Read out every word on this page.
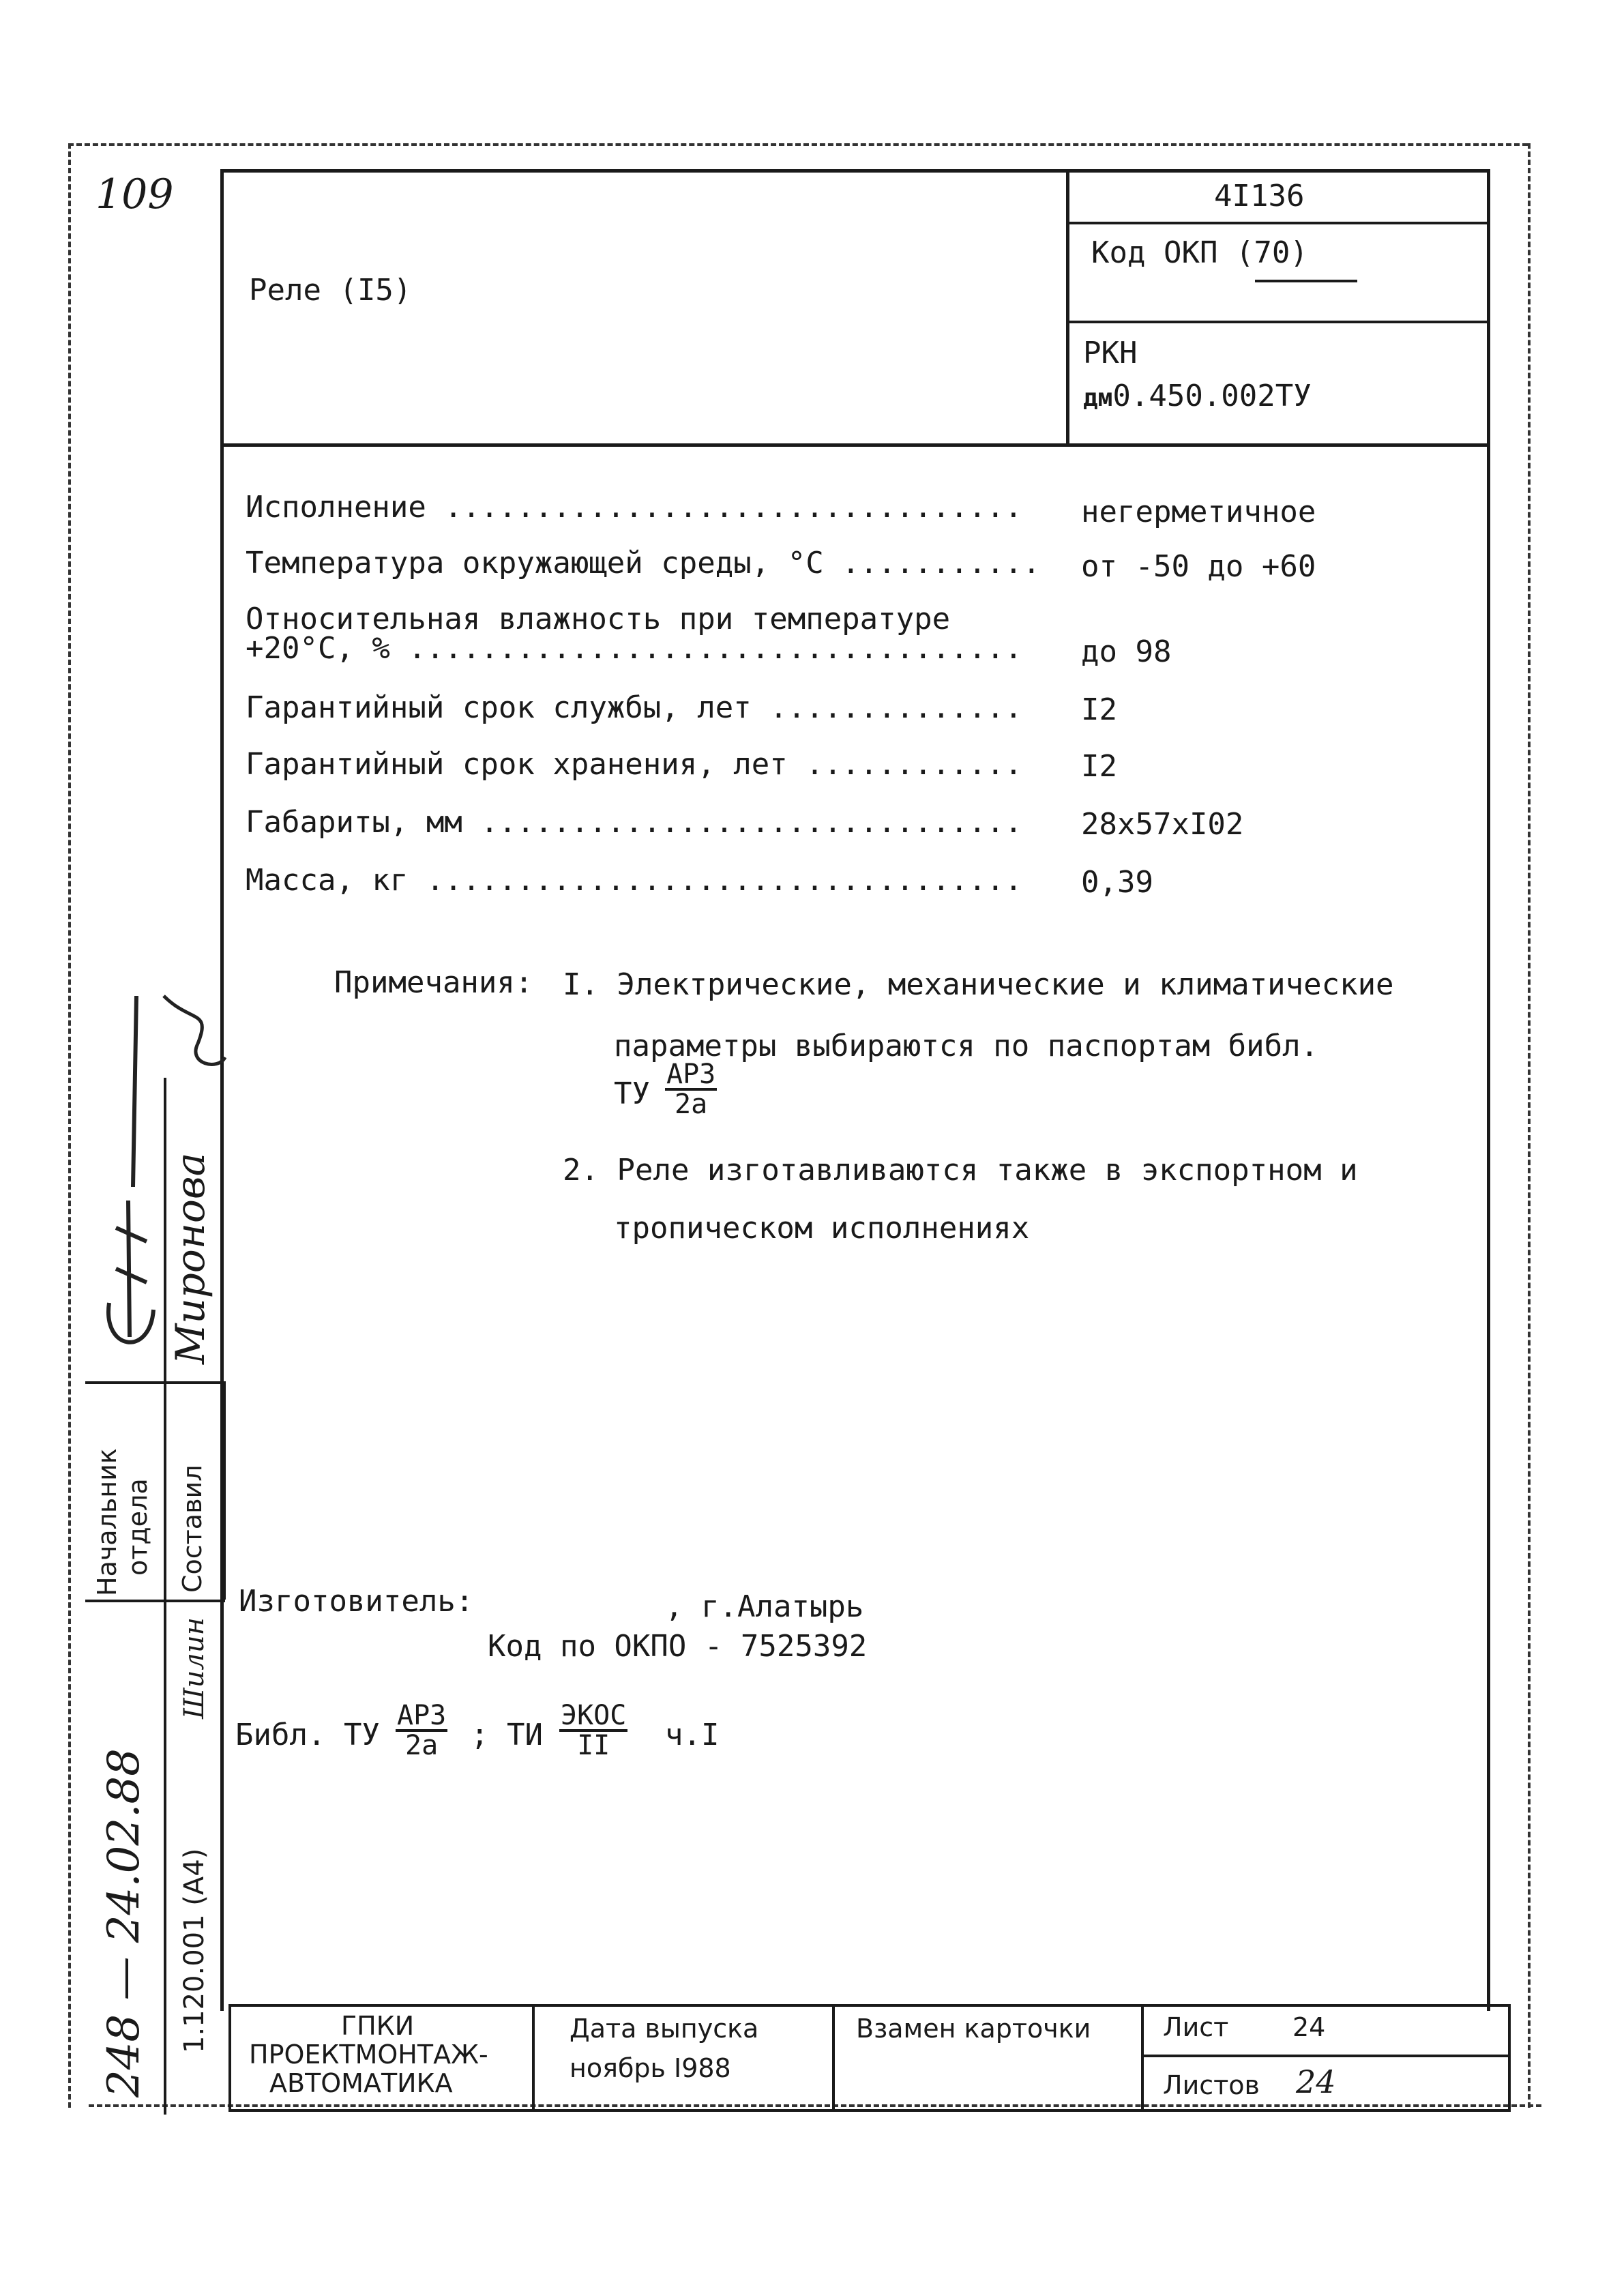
109
Реле (I5)
4I136
Код ОКП (70)
РКН
дм0.450.002ТУ
Исполнение ................................ негерметичное
Температура окружающей среды, °С ........... от -50 до +60
Относительная влажность при температуре
+20°С, % .................................. до 98
Гарантийный срок службы, лет .............. I2
Гарантийный срок хранения, лет ............ I2
Габариты, мм .............................. 28х57хI02
Масса, кг ................................. 0,39
Примечания: I. Электрические, механические и климатические
параметры выбираются по паспортам библ.
ТУ
АРЗ
2а
2. Реле изготавливаются также в экспортном и
тропическом исполнениях
Изготовитель:	, г.Алатырь
Код по ОКПО - 7525392
Библ. ТУ
АРЗ
2а	; ТИ
ЭКОС
II	ч.I
ГПКИ
ПРОЕКТМОНТАЖ-
АВТОМАТИКА
Дата выпуска
ноябрь I988
Взамен карточки	Лист 24
Листов 24
Начальник отдела Составил
Миронова
248 — 24.02.88 1.120.001 (А4)
Шилин
